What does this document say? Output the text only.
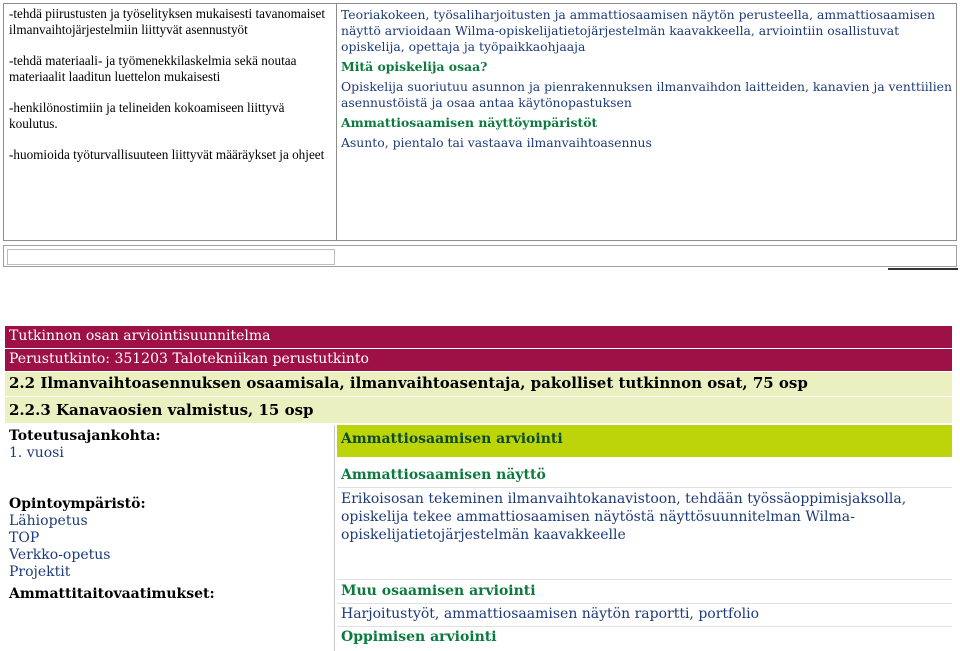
-tehdä piirustusten ja työselityksen mukaisesti tavanomaiset ilmanvaihtojärjestelmiin liittyvät asennustyöt

-tehdä materiaali- ja työmenekkilaskelmia sekä noutaa materiaalit laaditun luettelon mukaisesti

-henkilönostimiin ja telineiden kokoamiseen liittyvä koulutus.

-huomioida työturvallisuuteen liittyvät määräykset ja ohjeet

Teoriakokeen, työsaliharjoitusten ja ammattiosaamisen näytön perusteella, ammattiosaamisen näyttö arvioidaan Wilma-opiskelijatietojärjestelmän kaavakkeella, arviointiin osallistuvat opiskelija, opettaja ja työpaikkaohjaaja
Mitä opiskelija osaa?
Opiskelija suoriutuu asunnon ja pienrakennuksen ilmanvaihdon laitteiden, kanavien ja venttiilien asennustöistä ja osaa antaa käytönopastuksen
Ammattiosaamisen näyttöympäristöt
Asunto, pientalo tai vastaava ilmanvaihtoasennus
Tutkinnon osan arviointisuunnitelma
Perustutkinto: 351203 Talotekniikan perustutkinto
2.2 Ilmanvaihtoasennuksen osaamisala, ilmanvaihtoasentaja, pakolliset tutkinnon osat, 75 osp
2.2.3 Kanavaosien valmistus, 15 osp
Toteutusajankohta:
1. vuosi
Opintoympäristö:
Lähiopetus
TOP
Verkko-opetus
Projektit
Ammattitaitovaatimukset:
Ammattiosaamisen arviointi
Ammattiosaamisen näyttö
Erikoisosan tekeminen ilmanvaihtokanavistoon, tehdään työssäoppimisjaksolla, opiskelija tekee ammattiosaamisen näytöstä näyttösuunnitelman Wilma-opiskelijatietojärjestelmän kaavakkeelle
Muu osaamisen arviointi
Harjoitustyöt, ammattiosaamisen näytön raportti, portfolio
Oppimisen arviointi
